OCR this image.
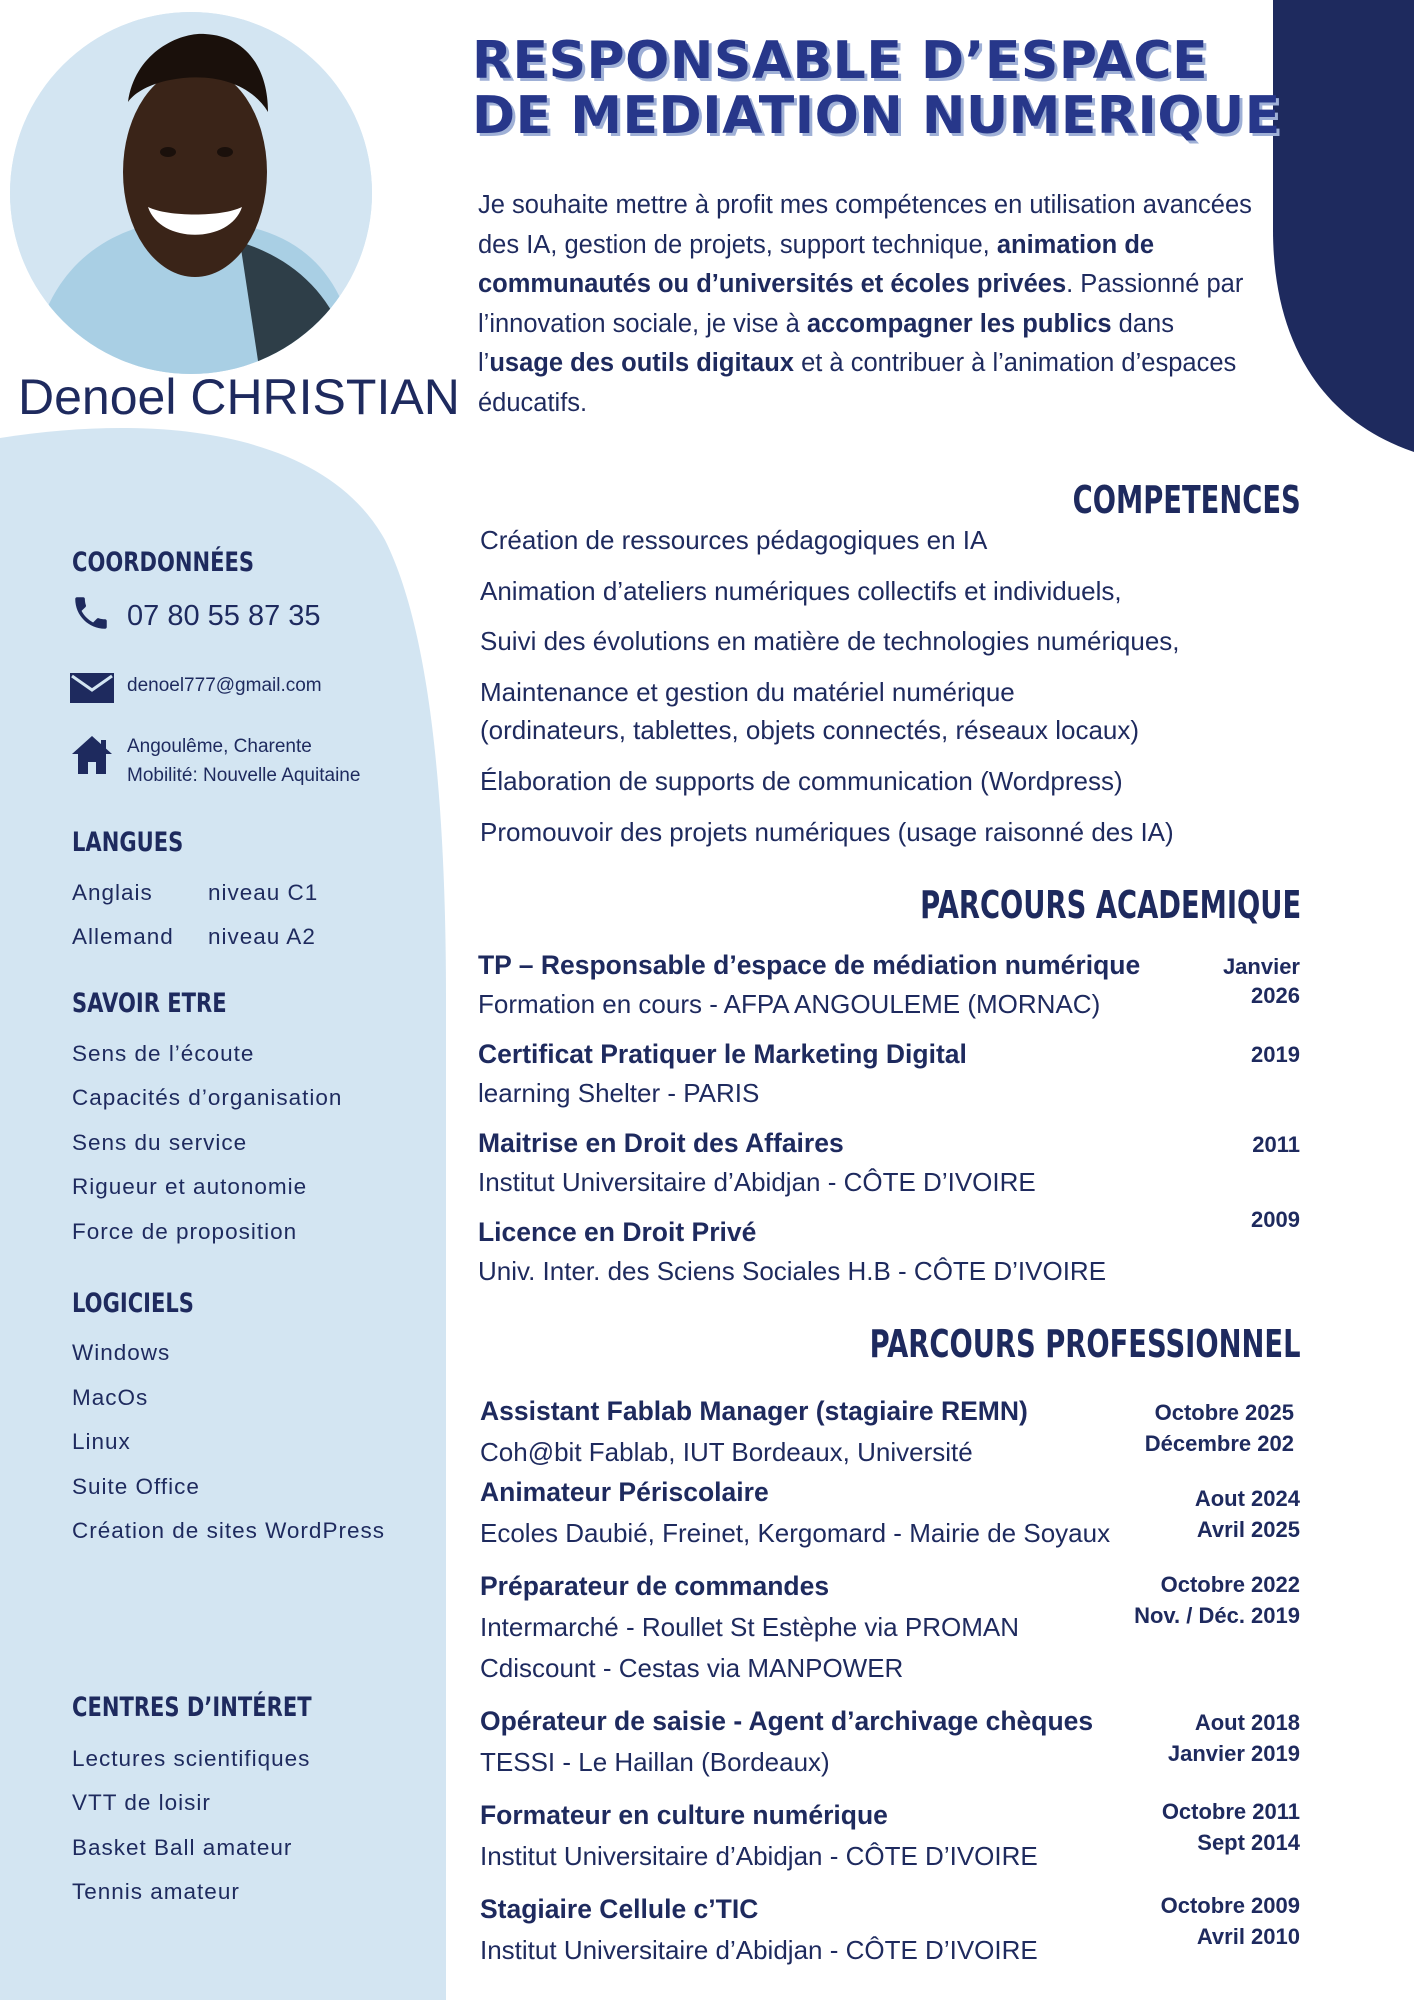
Denoel CHRISTIAN
RESPONSABLE D’ESPACE
DE MEDIATION NUMERIQUE
Je souhaite mettre à profit mes compétences en utilisation avancées des IA, gestion de projets, support technique, animation de communautés ou d’universités et écoles privées. Passionné par l’innovation sociale, je vise à accompagner les publics dans l’usage des outils digitaux et à contribuer à l’animation d’espaces éducatifs.
COORDONNÉES
07 80 55 87 35
denoel777@gmail.com
Angoulême, Charente
Mobilité: Nouvelle Aquitaine
LANGUES
Anglais niveau C1
Allemand niveau A2
SAVOIR ETRE
Sens de l’écoute
Capacités d’organisation
Sens du service
Rigueur et autonomie
Force de proposition
LOGICIELS
Windows
MacOs
Linux
Suite Office
Création de sites WordPress
CENTRES D’INTÉRET
Lectures scientifiques
VTT de loisir
Basket Ball amateur
Tennis amateur
COMPETENCES
Création de ressources pédagogiques en IA
Animation d’ateliers numériques collectifs et individuels,
Suivi des évolutions en matière de technologies numériques,
Maintenance et gestion du matériel numérique
(ordinateurs, tablettes, objets connectés, réseaux locaux)
Élaboration de supports de communication (Wordpress)
Promouvoir des projets numériques (usage raisonné des IA)
PARCOURS ACADEMIQUE
TP – Responsable d’espace de médiation numérique
Formation en cours - AFPA ANGOULEME (MORNAC)
Janvier
2026
Certificat Pratiquer le Marketing Digital
learning Shelter - PARIS
2019
Maitrise en Droit des Affaires
Institut Universitaire d’Abidjan - CÔTE D’IVOIRE
2011
Licence en Droit Privé
Univ. Inter. des Sciens Sociales H.B - CÔTE D’IVOIRE
2009
PARCOURS PROFESSIONNEL
Assistant Fablab Manager (stagiaire REMN)
Coh@bit Fablab, IUT Bordeaux, Université
Octobre 2025
Décembre 202
Animateur Périscolaire
Ecoles Daubié, Freinet, Kergomard - Mairie de Soyaux
Aout 2024
Avril 2025
Préparateur de commandes
Intermarché - Roullet St Estèphe via PROMAN
Cdiscount - Cestas via MANPOWER
Octobre 2022
Nov. / Déc. 2019
Opérateur de saisie - Agent d’archivage chèques
TESSI - Le Haillan (Bordeaux)
Aout 2018
Janvier 2019
Formateur en culture numérique
Institut Universitaire d’Abidjan - CÔTE D’IVOIRE
Octobre 2011
Sept 2014
Stagiaire Cellule c’TIC
Institut Universitaire d’Abidjan - CÔTE D’IVOIRE
Octobre 2009
Avril 2010
